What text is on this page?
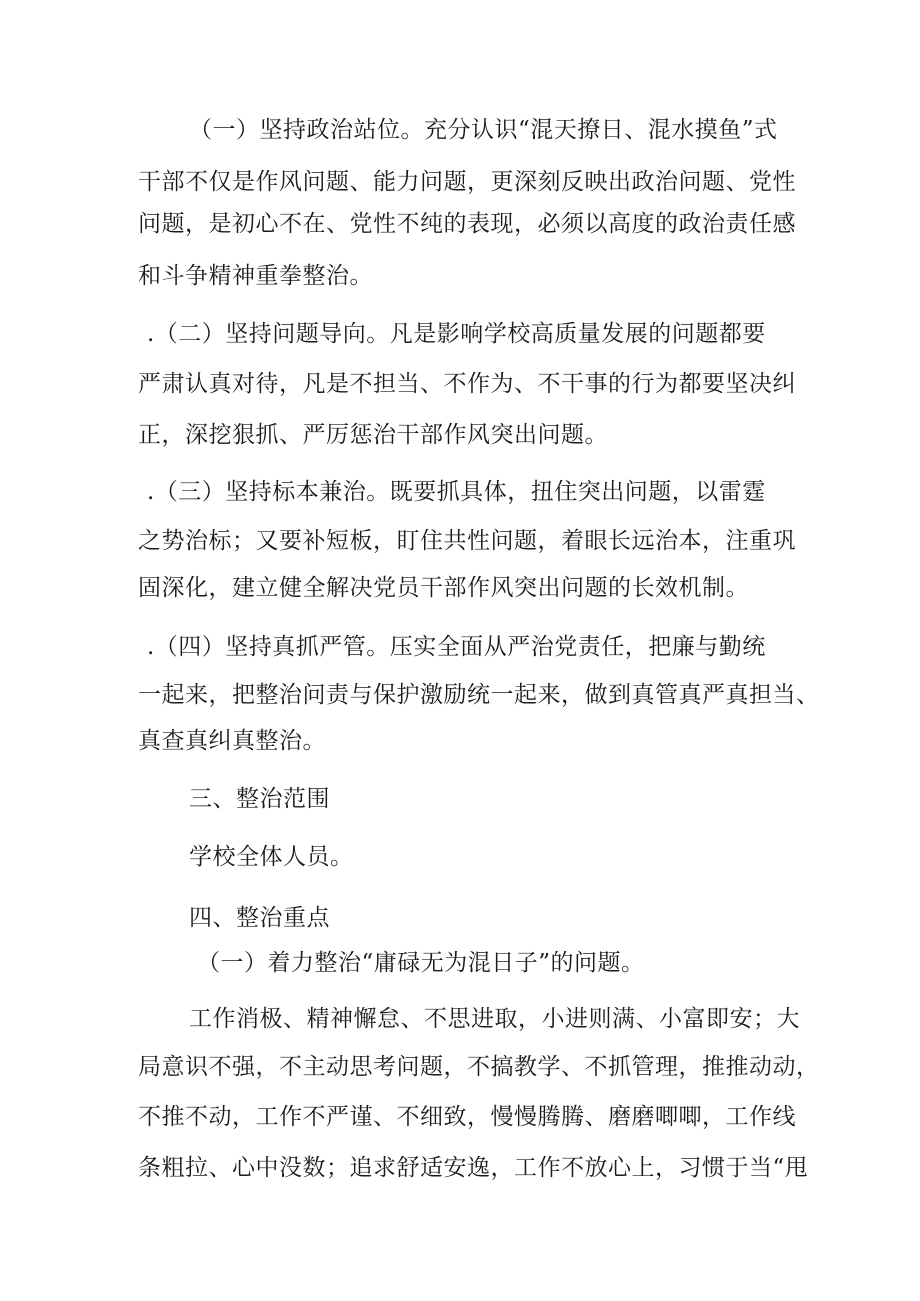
（一）坚持政治站位。充分认识“混天撩日、混水摸鱼”式
干部不仅是作风问题、能力问题，更深刻反映出政治问题、党性
问题，是初心不在、党性不纯的表现，必须以高度的政治责任感
和斗争精神重拳整治。
.（二）坚持问题导向。凡是影响学校高质量发展的问题都要
严肃认真对待，凡是不担当、不作为、不干事的行为都要坚决纠
正，深挖狠抓、严厉惩治干部作风突出问题。
.（三）坚持标本兼治。既要抓具体，扭住突出问题，以雷霆
之势治标；又要补短板，盯住共性问题，着眼长远治本，注重巩
固深化，建立健全解决党员干部作风突出问题的长效机制。
.（四）坚持真抓严管。压实全面从严治党责任，把廉与勤统
一起来，把整治问责与保护激励统一起来，做到真管真严真担当、
真查真纠真整治。
三、整治范围
学校全体人员。
四、整治重点
（一）着力整治“庸碌无为混日子”的问题。
工作消极、精神懈怠、不思进取，小进则满、小富即安；大
局意识不强，不主动思考问题，不搞教学、不抓管理，推推动动，
不推不动，工作不严谨、不细致，慢慢腾腾、磨磨唧唧，工作线
条粗拉、心中没数；追求舒适安逸，工作不放心上，习惯于当“甩
